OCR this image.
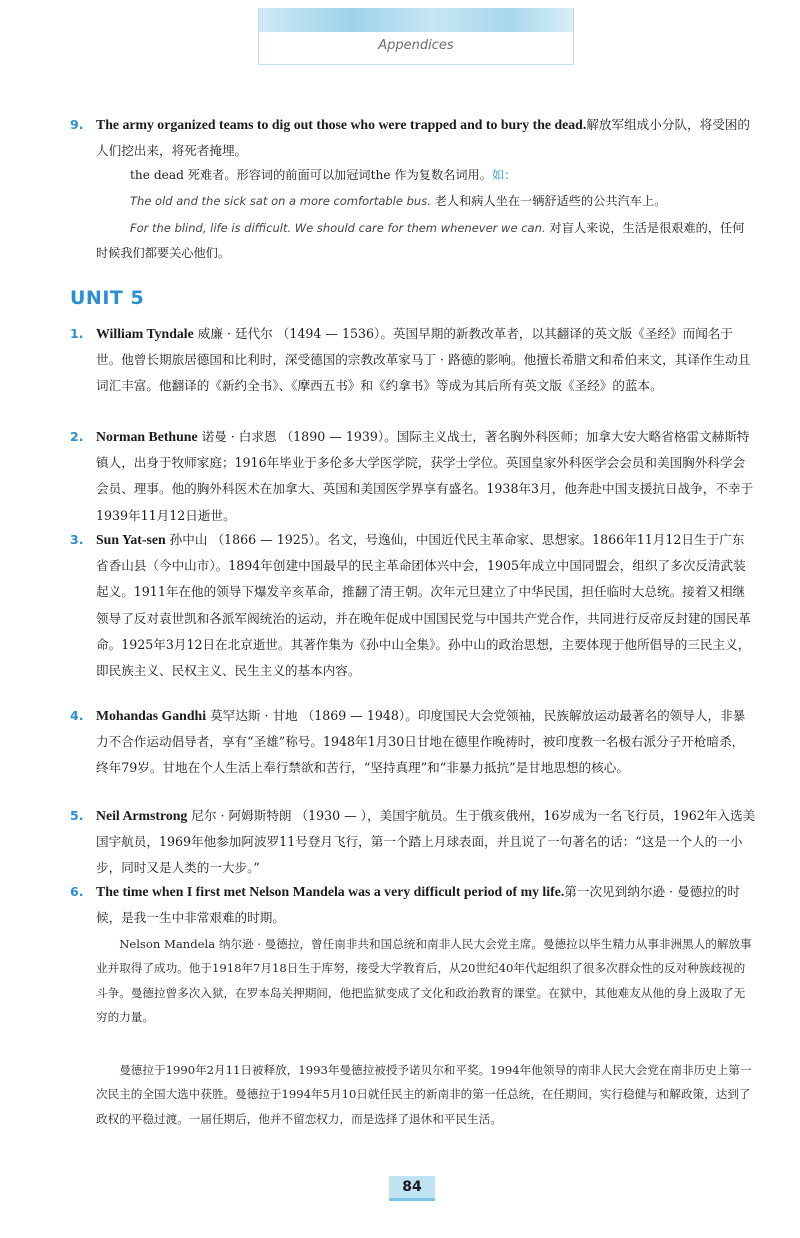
Appendices
9. The army organized teams to dig out those who were trapped and to bury the dead.解放军组成小分队，将受困的人们挖出来，将死者掩埋。
the dead 死难者。形容词的前面可以加冠词the 作为复数名词用。如：
The old and the sick sat on a more comfortable bus. 老人和病人坐在一辆舒适些的公共汽车上。
For the blind, life is difficult. We should care for them whenever we can. 对盲人来说，生活是很艰难的，任何时候我们都要关心他们。
UNIT 5
1. William Tyndale 威廉 · 廷代尔 （1494 — 1536）。英国早期的新教改革者，以其翻译的英文版《圣经》而闻名于世。他曾长期旅居德国和比利时，深受德国的宗教改革家马丁 · 路德的影响。他擅长希腊文和希伯来文，其译作生动且词汇丰富。他翻译的《新约全书》、《摩西五书》和《约拿书》等成为其后所有英文版《圣经》的蓝本。
2. Norman Bethune 诺曼 · 白求恩 （1890 — 1939）。国际主义战士，著名胸外科医师；加拿大安大略省格雷文赫斯特镇人，出身于牧师家庭；1916年毕业于多伦多大学医学院，获学士学位。英国皇家外科医学会会员和美国胸外科学会会员、理事。他的胸外科医术在加拿大、英国和美国医学界享有盛名。1938年3月，他奔赴中国支援抗日战争，不幸于1939年11月12日逝世。
3. Sun Yat-sen 孙中山 （1866 — 1925）。名文，号逸仙，中国近代民主革命家、思想家。1866年11月12日生于广东省香山县（今中山市）。1894年创建中国最早的民主革命团体兴中会，1905年成立中国同盟会，组织了多次反清武装起义。1911年在他的领导下爆发辛亥革命，推翻了清王朝。次年元旦建立了中华民国，担任临时大总统。接着又相继领导了反对袁世凯和各派军阀统治的运动，并在晚年促成中国国民党与中国共产党合作，共同进行反帝反封建的国民革命。1925年3月12日在北京逝世。其著作集为《孙中山全集》。孙中山的政治思想，主要体现于他所倡导的三民主义，即民族主义、民权主义、民生主义的基本内容。
4. Mohandas Gandhi 莫罕达斯 · 甘地 （1869 — 1948）。印度国民大会党领袖，民族解放运动最著名的领导人，非暴力不合作运动倡导者，享有“圣雄”称号。1948年1月30日甘地在德里作晚祷时，被印度教一名极右派分子开枪暗杀，终年79岁。甘地在个人生活上奉行禁欲和苦行，“坚持真理”和“非暴力抵抗”是甘地思想的核心。
5. Neil Armstrong 尼尔 · 阿姆斯特朗 （1930 — ），美国宇航员。生于俄亥俄州，16岁成为一名飞行员，1962年入选美国宇航员，1969年他参加阿波罗11号登月飞行，第一个踏上月球表面，并且说了一句著名的话：“这是一个人的一小步，同时又是人类的一大步。”
6. The time when I first met Nelson Mandela was a very difficult period of my life.第一次见到纳尔逊 · 曼德拉的时候，是我一生中非常艰难的时期。
Nelson Mandela 纳尔逊 · 曼德拉，曾任南非共和国总统和南非人民大会党主席。曼德拉以毕生精力从事非洲黑人的解放事业并取得了成功。他于1918年7月18日生于库努，接受大学教育后，从20世纪40年代起组织了很多次群众性的反对种族歧视的斗争。曼德拉曾多次入狱，在罗本岛关押期间，他把监狱变成了文化和政治教育的课堂。在狱中，其他难友从他的身上汲取了无穷的力量。
曼德拉于1990年2月11日被释放，1993年曼德拉被授予诺贝尔和平奖。1994年他领导的南非人民大会党在南非历史上第一次民主的全国大选中获胜。曼德拉于1994年5月10日就任民主的新南非的第一任总统，在任期间，实行稳健与和解政策，达到了政权的平稳过渡。一届任期后，他并不留恋权力，而是选择了退休和平民生活。
84
